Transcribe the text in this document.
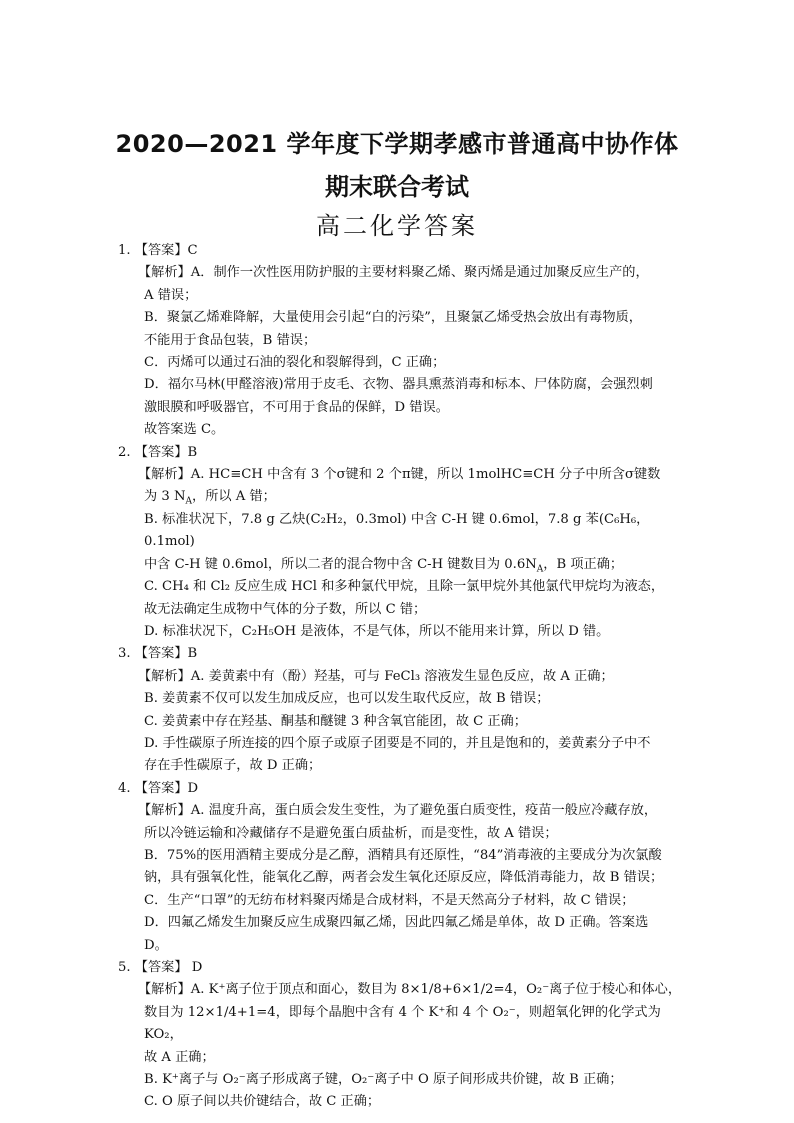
2020—2021 学年度下学期孝感市普通高中协作体
期末联合考试
高二化学答案

1. 【答案】C

【解析】A．制作一次性医用防护服的主要材料聚乙烯、聚丙烯是通过加聚反应生产的，

A 错误；

B．聚氯乙烯难降解，大量使用会引起“白的污染”，且聚氯乙烯受热会放出有毒物质，

不能用于食品包装，B 错误；

C．丙烯可以通过石油的裂化和裂解得到，C 正确；

D．福尔马林(甲醛溶液)常用于皮毛、衣物、器具熏蒸消毒和标本、尸体防腐，会强烈刺

激眼膜和呼吸器官，不可用于食品的保鲜，D 错误。

故答案选 C。

2. 【答案】B

【解析】A. HC≡CH 中含有 3 个σ键和 2 个π键，所以 1molHC≡CH 分子中所含σ键数

为 3 $N_A$，所以 A 错；

B. 标准状况下，7.8 g 乙炔(C₂H₂，0.3mol) 中含 C-H 键 0.6mol，7.8 g 苯(C₆H₆，0.1mol)

中含 C-H 键 0.6mol，所以二者的混合物中含 C-H 键数目为 $0.6N_A$，B 项正确；

C. CH₄ 和 Cl₂ 反应生成 HCl 和多种氯代甲烷，且除一氯甲烷外其他氯代甲烷均为液态，

故无法确定生成物中气体的分子数，所以 C 错；

D. 标准状况下，C₂H₅OH 是液体，不是气体，所以不能用来计算，所以 D 错。

3. 【答案】B

【解析】A. 姜黄素中有（酚）羟基，可与 FeCl₃ 溶液发生显色反应，故 A 正确；

B. 姜黄素不仅可以发生加成反应，也可以发生取代反应，故 B 错误；

C. 姜黄素中存在羟基、酮基和醚键 3 种含氧官能团，故 C 正确；

D. 手性碳原子所连接的四个原子或原子团要是不同的，并且是饱和的，姜黄素分子中不

存在手性碳原子，故 D 正确；

4. 【答案】D

【解析】A. 温度升高，蛋白质会发生变性，为了避免蛋白质变性，疫苗一般应冷藏存放，

所以冷链运输和冷藏储存不是避免蛋白质盐析，而是变性，故 A 错误；

B．75%的医用酒精主要成分是乙醇，酒精具有还原性，“84”消毒液的主要成分为次氯酸

钠，具有强氧化性，能氧化乙醇，两者会发生氧化还原反应，降低消毒能力，故 B 错误；

C．生产“口罩”的无纺布材料聚丙烯是合成材料，不是天然高分子材料，故 C 错误；

D．四氟乙烯发生加聚反应生成聚四氟乙烯，因此四氟乙烯是单体，故 D 正确。答案选

D。

5. 【答案】 D

【解析】A. K⁺离子位于顶点和面心，数目为 8×1/8+6×1/2=4，O₂⁻离子位于棱心和体心，

数目为 12×1/4+1=4，即每个晶胞中含有 4 个 K⁺和 4 个 O₂⁻，则超氧化钾的化学式为 KO₂，

故 A 正确；

B. K⁺离子与 O₂⁻离子形成离子键，O₂⁻离子中 O 原子间形成共价键，故 B 正确；

C. O 原子间以共价键结合，故 C 正确；
